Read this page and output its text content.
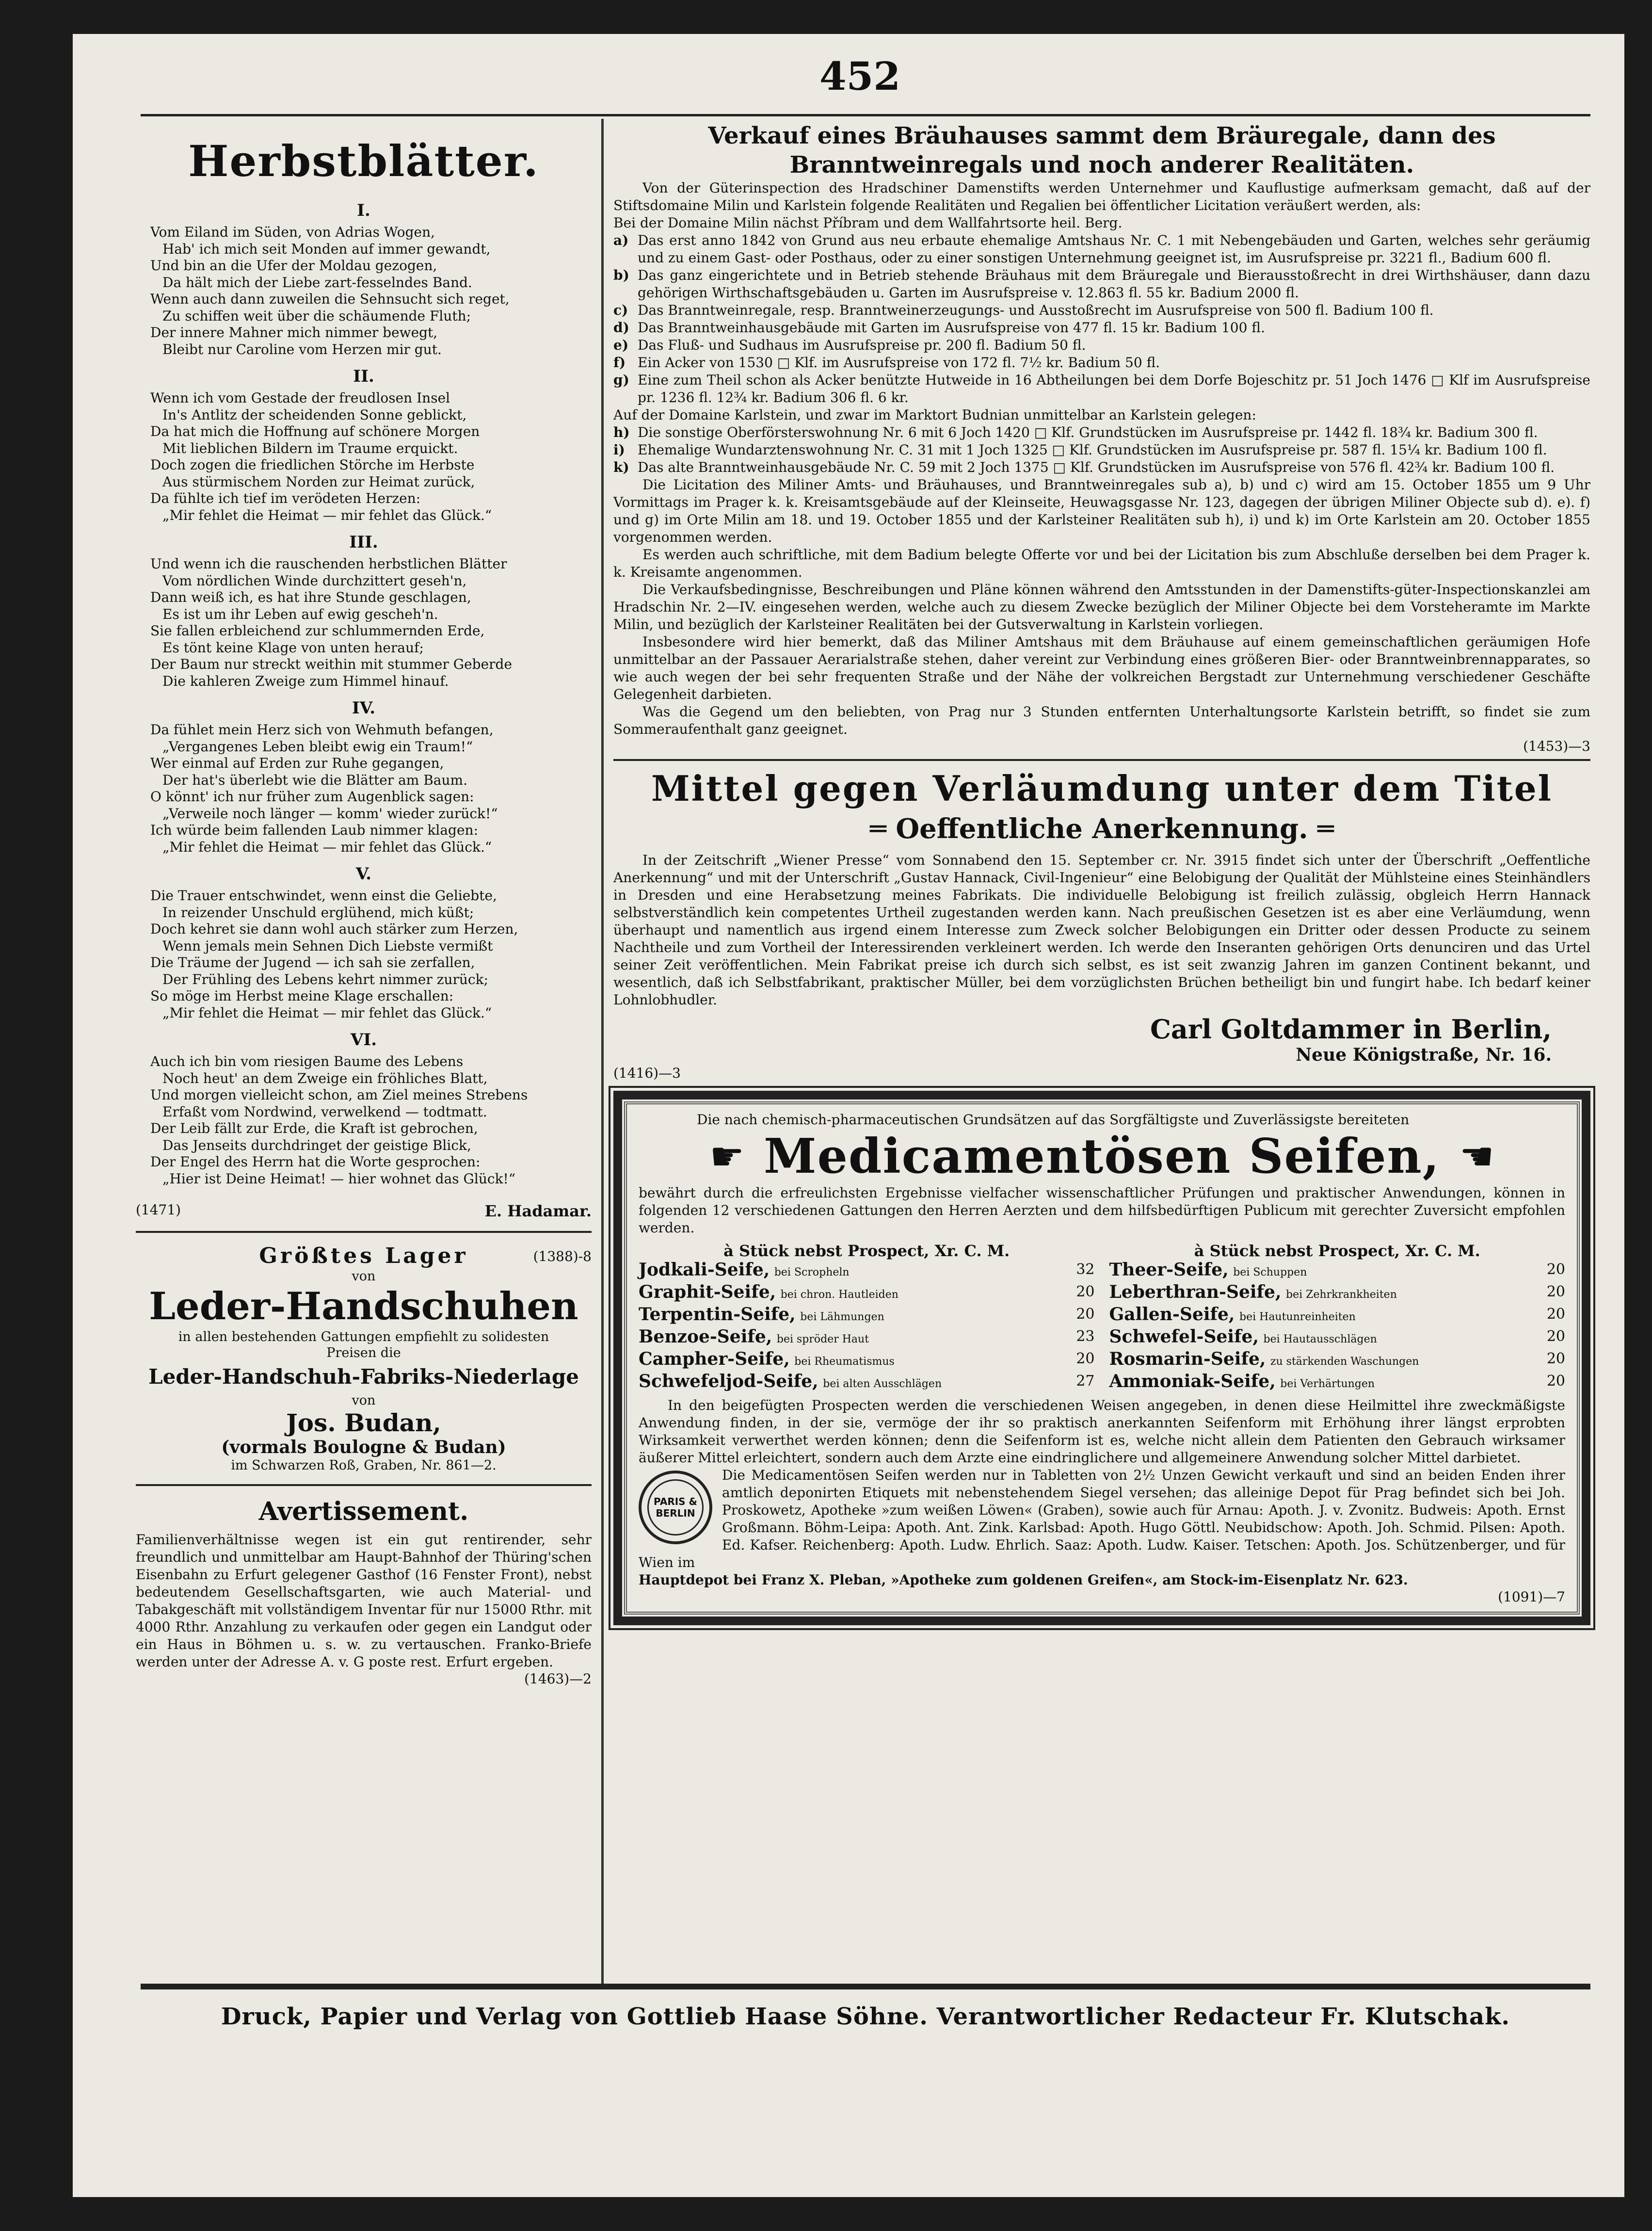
452
Herbstblätter.
I.
Vom Eiland im Süden, von Adrias Wogen,
Hab' ich mich seit Monden auf immer gewandt,
Und bin an die Ufer der Moldau gezogen,
Da hält mich der Liebe zart-fesselndes Band.
Wenn auch dann zuweilen die Sehnsucht sich reget,
Zu schiffen weit über die schäumende Fluth;
Der innere Mahner mich nimmer bewegt,
Bleibt nur Caroline vom Herzen mir gut.
II.
Wenn ich vom Gestade der freudlosen Insel
In's Antlitz der scheidenden Sonne geblickt,
Da hat mich die Hoffnung auf schönere Morgen
Mit lieblichen Bildern im Traume erquickt.
Doch zogen die friedlichen Störche im Herbste
Aus stürmischem Norden zur Heimat zurück,
Da fühlte ich tief im verödeten Herzen:
„Mir fehlet die Heimat — mir fehlet das Glück.“
III.
Und wenn ich die rauschenden herbstlichen Blätter
Vom nördlichen Winde durchzittert geseh'n,
Dann weiß ich, es hat ihre Stunde geschlagen,
Es ist um ihr Leben auf ewig gescheh'n.
Sie fallen erbleichend zur schlummernden Erde,
Es tönt keine Klage von unten herauf;
Der Baum nur streckt weithin mit stummer Geberde
Die kahleren Zweige zum Himmel hinauf.
IV.
Da fühlet mein Herz sich von Wehmuth befangen,
„Vergangenes Leben bleibt ewig ein Traum!“
Wer einmal auf Erden zur Ruhe gegangen,
Der hat's überlebt wie die Blätter am Baum.
O könnt' ich nur früher zum Augenblick sagen:
„Verweile noch länger — komm' wieder zurück!“
Ich würde beim fallenden Laub nimmer klagen:
„Mir fehlet die Heimat — mir fehlet das Glück.“
V.
Die Trauer entschwindet, wenn einst die Geliebte,
In reizender Unschuld erglühend, mich küßt;
Doch kehret sie dann wohl auch stärker zum Herzen,
Wenn jemals mein Sehnen Dich Liebste vermißt
Die Träume der Jugend — ich sah sie zerfallen,
Der Frühling des Lebens kehrt nimmer zurück;
So möge im Herbst meine Klage erschallen:
„Mir fehlet die Heimat — mir fehlet das Glück.“
VI.
Auch ich bin vom riesigen Baume des Lebens
Noch heut' an dem Zweige ein fröhliches Blatt,
Und morgen vielleicht schon, am Ziel meines Strebens
Erfaßt vom Nordwind, verwelkend — todtmatt.
Der Leib fällt zur Erde, die Kraft ist gebrochen,
Das Jenseits durchdringet der geistige Blick,
Der Engel des Herrn hat die Worte gesprochen:
„Hier ist Deine Heimat! — hier wohnet das Glück!“
(1471)	E. Hadamar.
Größtes Lager	(1388)-8
von
Leder-Handschuhen
in allen bestehenden Gattungen empfiehlt zu solidesten
Preisen die
Leder-Handschuh-Fabriks-Niederlage
von
Jos. Budan,
(vormals Boulogne & Budan)
im Schwarzen Roß, Graben, Nr. 861—2.
Avertissement.
Familienverhältnisse wegen ist ein gut rentirender, sehr freundlich und unmittelbar am Haupt-Bahnhof der Thüring'schen Eisenbahn zu Erfurt gelegener Gasthof (16 Fenster Front), nebst bedeutendem Gesellschaftsgarten, wie auch Material- und Tabakgeschäft mit vollständigem Inventar für nur 15000 Rthr. mit 4000 Rthr. Anzahlung zu verkaufen oder gegen ein Landgut oder ein Haus in Böhmen u. s. w. zu vertauschen. Franko-Briefe werden unter der Adresse A. v. G poste rest. Erfurt ergeben.
(1463)—2
Verkauf eines Bräuhauses sammt dem Bräuregale, dann des Branntweinregals und noch anderer Realitäten.
Von der Güterinspection des Hradschiner Damenstifts werden Unternehmer und Kauflustige aufmerksam gemacht, daß auf der Stiftsdomaine Milin und Karlstein folgende Realitäten und Regalien bei öffentlicher Licitation veräußert werden, als:
Bei der Domaine Milin nächst Příbram und dem Wallfahrtsorte heil. Berg.
a) Das erst anno 1842 von Grund aus neu erbaute ehemalige Amtshaus Nr. C. 1 mit Nebengebäuden und Garten, welches sehr geräumig und zu einem Gast- oder Posthaus, oder zu einer sonstigen Unternehmung geeignet ist, im Ausrufspreise pr. 3221 fl., Badium 600 fl.
b) Das ganz eingerichtete und in Betrieb stehende Bräuhaus mit dem Bräuregale und Bierausstoßrecht in drei Wirthshäuser, dann dazu gehörigen Wirthschaftsgebäuden u. Garten im Ausrufspreise v. 12.863 fl. 55 kr. Badium 2000 fl.
c) Das Branntweinregale, resp. Branntweinerzeugungs- und Ausstoßrecht im Ausrufspreise von 500 fl. Badium 100 fl.
d) Das Branntweinhausgebäude mit Garten im Ausrufspreise von 477 fl. 15 kr. Badium 100 fl.
e) Das Fluß- und Sudhaus im Ausrufspreise pr. 200 fl. Badium 50 fl.
f) Ein Acker von 1530 □ Klf. im Ausrufspreise von 172 fl. 7½ kr. Badium 50 fl.
g) Eine zum Theil schon als Acker benützte Hutweide in 16 Abtheilungen bei dem Dorfe Bojeschitz pr. 51 Joch 1476 □ Klf im Ausrufspreise pr. 1236 fl. 12¾ kr. Badium 306 fl. 6 kr.
Auf der Domaine Karlstein, und zwar im Marktort Budnian unmittelbar an Karlstein gelegen:
h) Die sonstige Oberförsterswohnung Nr. 6 mit 6 Joch 1420 □ Klf. Grundstücken im Ausrufspreise pr. 1442 fl. 18¾ kr. Badium 300 fl.
i) Ehemalige Wundarztenswohnung Nr. C. 31 mit 1 Joch 1325 □ Klf. Grundstücken im Ausrufspreise pr. 587 fl. 15¼ kr. Badium 100 fl.
k) Das alte Branntweinhausgebäude Nr. C. 59 mit 2 Joch 1375 □ Klf. Grundstücken im Ausrufspreise von 576 fl. 42¾ kr. Badium 100 fl.
Die Licitation des Miliner Amts- und Bräuhauses, und Branntweinregales sub a), b) und c) wird am 15. October 1855 um 9 Uhr Vormittags im Prager k. k. Kreisamtsgebäude auf der Kleinseite, Heuwagsgasse Nr. 123, dagegen der übrigen Miliner Objecte sub d). e). f) und g) im Orte Milin am 18. und 19. October 1855 und der Karlsteiner Realitäten sub h), i) und k) im Orte Karlstein am 20. October 1855 vorgenommen werden.
Es werden auch schriftliche, mit dem Badium belegte Offerte vor und bei der Licitation bis zum Abschluße derselben bei dem Prager k. k. Kreisamte angenommen.
Die Verkaufsbedingnisse, Beschreibungen und Pläne können während den Amtsstunden in der Damenstifts-güter-Inspectionskanzlei am Hradschin Nr. 2—IV. eingesehen werden, welche auch zu diesem Zwecke bezüglich der Miliner Objecte bei dem Vorsteheramte im Markte Milin, und bezüglich der Karlsteiner Realitäten bei der Gutsverwaltung in Karlstein vorliegen.
Insbesondere wird hier bemerkt, daß das Miliner Amtshaus mit dem Bräuhause auf einem gemeinschaftlichen geräumigen Hofe unmittelbar an der Passauer Aerarialstraße stehen, daher vereint zur Verbindung eines größeren Bier- oder Branntweinbrennapparates, so wie auch wegen der bei sehr frequenten Straße und der Nähe der volkreichen Bergstadt zur Unternehmung verschiedener Geschäfte Gelegenheit darbieten.
Was die Gegend um den beliebten, von Prag nur 3 Stunden entfernten Unterhaltungsorte Karlstein betrifft, so findet sie zum Sommeraufenthalt ganz geeignet.
(1453)—3
Mittel gegen Verläumdung unter dem Titel
═ Oeffentliche Anerkennung. ═
In der Zeitschrift „Wiener Presse“ vom Sonnabend den 15. September cr. Nr. 3915 findet sich unter der Überschrift „Oeffentliche Anerkennung“ und mit der Unterschrift „Gustav Hannack, Civil-Ingenieur“ eine Belobigung der Qualität der Mühlsteine eines Steinhändlers in Dresden und eine Herabsetzung meines Fabrikats. Die individuelle Belobigung ist freilich zulässig, obgleich Herrn Hannack selbstverständlich kein competentes Urtheil zugestanden werden kann. Nach preußischen Gesetzen ist es aber eine Verläumdung, wenn überhaupt und namentlich aus irgend einem Interesse zum Zweck solcher Belobigungen ein Dritter oder dessen Producte zu seinem Nachtheile und zum Vortheil der Interessirenden verkleinert werden. Ich werde den Inseranten gehörigen Orts denunciren und das Urtel seiner Zeit veröffentlichen. Mein Fabrikat preise ich durch sich selbst, es ist seit zwanzig Jahren im ganzen Continent bekannt, und wesentlich, daß ich Selbstfabrikant, praktischer Müller, bei dem vorzüglichsten Brüchen betheiligt bin und fungirt habe. Ich bedarf keiner Lohnlobhudler.
Carl Goltdammer in Berlin,
Neue Königstraße, Nr. 16.
(1416)—3
Die nach chemisch-pharmaceutischen Grundsätzen auf das Sorgfältigste und Zuverlässigste bereiteten
☛ Medicamentösen Seifen, ☚
bewährt durch die erfreulichsten Ergebnisse vielfacher wissenschaftlicher Prüfungen und praktischer Anwendungen, können in folgenden 12 verschiedenen Gattungen den Herren Aerzten und dem hilfsbedürftigen Publicum mit gerechter Zuversicht empfohlen werden.
à Stück nebst Prospect, Xr. C. M.
Jodkali-Seife, bei Scropheln	32
Graphit-Seife, bei chron. Hautleiden	20
Terpentin-Seife, bei Lähmungen	20
Benzoe-Seife, bei spröder Haut	23
Campher-Seife, bei Rheumatismus	20
Schwefeljod-Seife, bei alten Ausschlägen	27
à Stück nebst Prospect, Xr. C. M.
Theer-Seife, bei Schuppen	20
Leberthran-Seife, bei Zehrkrankheiten	20
Gallen-Seife, bei Hautunreinheiten	20
Schwefel-Seife, bei Hautausschlägen	20
Rosmarin-Seife, zu stärkenden Waschungen	20
Ammoniak-Seife, bei Verhärtungen	20
In den beigefügten Prospecten werden die verschiedenen Weisen angegeben, in denen diese Heilmittel ihre zweckmäßigste Anwendung finden, in der sie, vermöge der ihr so praktisch anerkannten Seifenform mit Erhöhung ihrer längst erprobten Wirksamkeit verwerthet werden können; denn die Seifenform ist es, welche nicht allein dem Patienten den Gebrauch wirksamer äußerer Mittel erleichtert, sondern auch dem Arzte eine eindringlichere und allgemeinere Anwendung solcher Mittel darbietet.
PARIS & BERLIN
Die Medicamentösen Seifen werden nur in Tabletten von 2½ Unzen Gewicht verkauft und sind an beiden Enden ihrer amtlich deponirten Etiquets mit nebenstehendem Siegel versehen; das alleinige Depot für Prag befindet sich bei Joh. Proskowetz, Apotheke »zum weißen Löwen« (Graben), sowie auch für Arnau: Apoth. J. v. Zvonitz. Budweis: Apoth. Ernst Großmann. Böhm-Leipa: Apoth. Ant. Zink. Karlsbad: Apoth. Hugo Göttl. Neubidschow: Apoth. Joh. Schmid. Pilsen: Apoth. Ed. Kafser. Reichenberg: Apoth. Ludw. Ehrlich. Saaz: Apoth. Ludw. Kaiser. Tetschen: Apoth. Jos. Schützenberger, und für Wien im
Hauptdepot bei Franz X. Pleban, »Apotheke zum goldenen Greifen«, am Stock-im-Eisenplatz Nr. 623.
(1091)—7
Druck, Papier und Verlag von Gottlieb Haase Söhne. Verantwortlicher Redacteur Fr. Klutschak.
